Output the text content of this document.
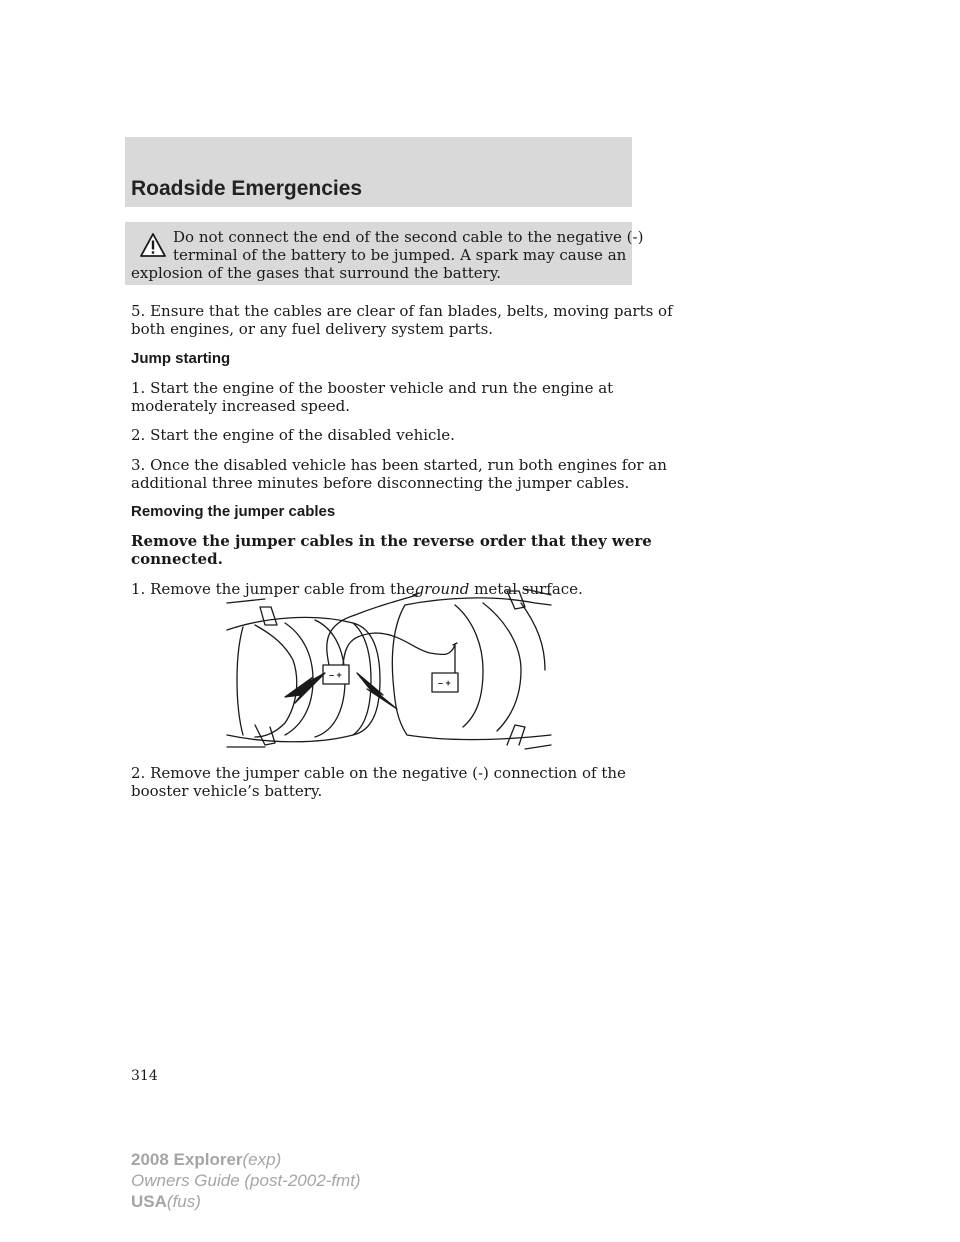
Roadside Emergencies
Do not connect the end of the second cable to the negative (-)
terminal of the battery to be jumped. A spark may cause an
explosion of the gases that surround the battery.
5. Ensure that the cables are clear of fan blades, belts, moving parts of
both engines, or any fuel delivery system parts.
Jump starting
1. Start the engine of the booster vehicle and run the engine at
moderately increased speed.
2. Start the engine of the disabled vehicle.
3. Once the disabled vehicle has been started, run both engines for an
additional three minutes before disconnecting the jumper cables.
Removing the jumper cables
Remove the jumper cables in the reverse order that they were
connected.
1. Remove the jumper cable from theground metal surface.
– +
– +
2. Remove the jumper cable on the negative (-) connection of the
booster vehicle’s battery.
314
2008 Explorer(exp)
Owners Guide (post-2002-fmt)
USA(fus)
